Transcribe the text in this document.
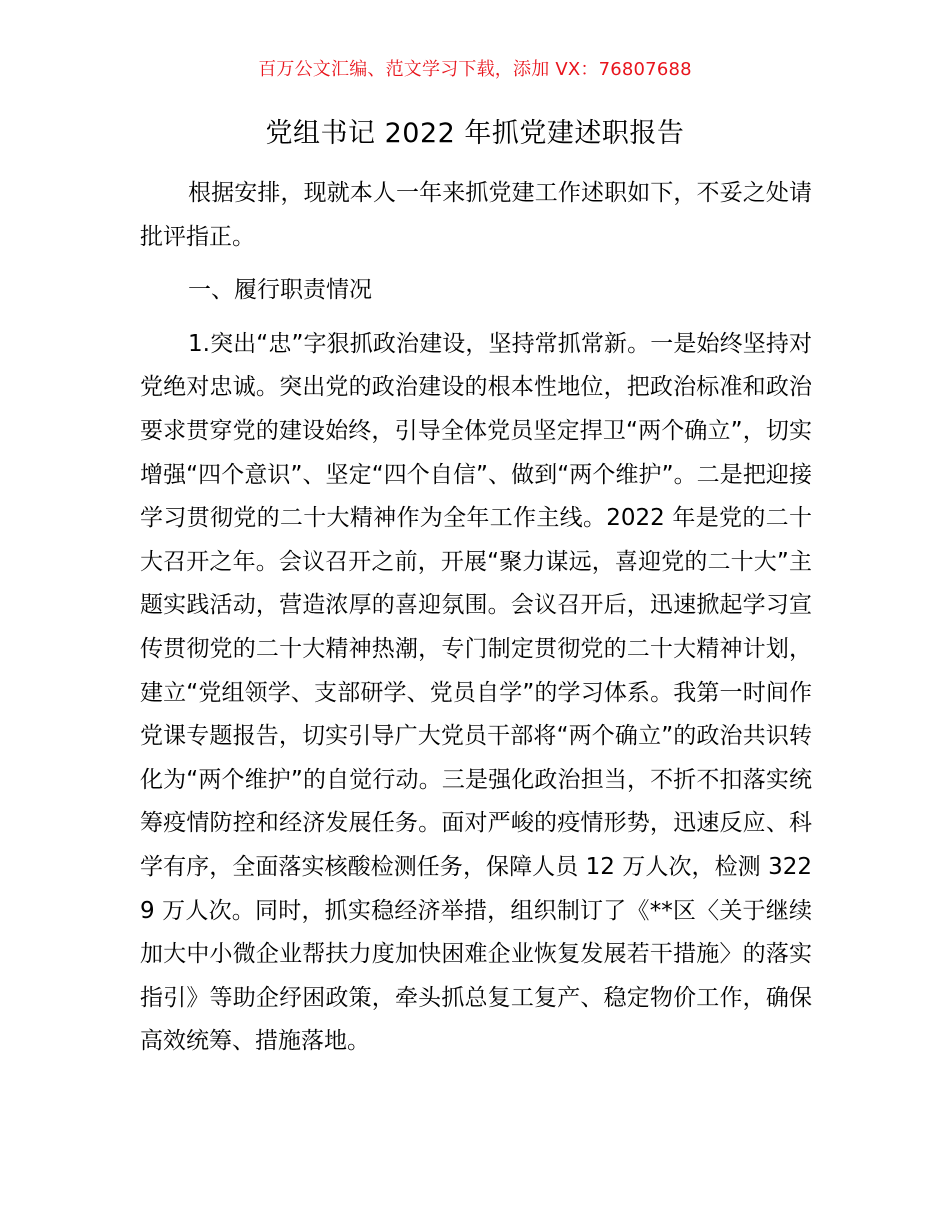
百万公文汇编、范文学习下载，添加 VX：76807688
党组书记 2022 年抓党建述职报告

根据安排，现就本人一年来抓党建工作述职如下，不妥之处请批评指正。

一、履行职责情况

1.突出“忠”字狠抓政治建设，坚持常抓常新。一是始终坚持对党绝对忠诚。突出党的政治建设的根本性地位，把政治标准和政治要求贯穿党的建设始终，引导全体党员坚定捍卫“两个确立”，切实增强“四个意识”、坚定“四个自信”、做到“两个维护”。二是把迎接学习贯彻党的二十大精神作为全年工作主线。2022 年是党的二十大召开之年。会议召开之前，开展“聚力谋远，喜迎党的二十大”主题实践活动，营造浓厚的喜迎氛围。会议召开后，迅速掀起学习宣传贯彻党的二十大精神热潮，专门制定贯彻党的二十大精神计划，建立“党组领学、支部研学、党员自学”的学习体系。我第一时间作党课专题报告，切实引导广大党员干部将“两个确立”的政治共识转化为“两个维护”的自觉行动。三是强化政治担当，不折不扣落实统筹疫情防控和经济发展任务。面对严峻的疫情形势，迅速反应、科学有序，全面落实核酸检测任务，保障人员 12 万人次，检测 3229 万人次。同时，抓实稳经济举措，组织制订了《**区〈关于继续加大中小微企业帮扶力度加快困难企业恢复发展若干措施〉的落实指引》等助企纾困政策，牵头抓总复工复产、稳定物价工作，确保高效统筹、措施落地。
